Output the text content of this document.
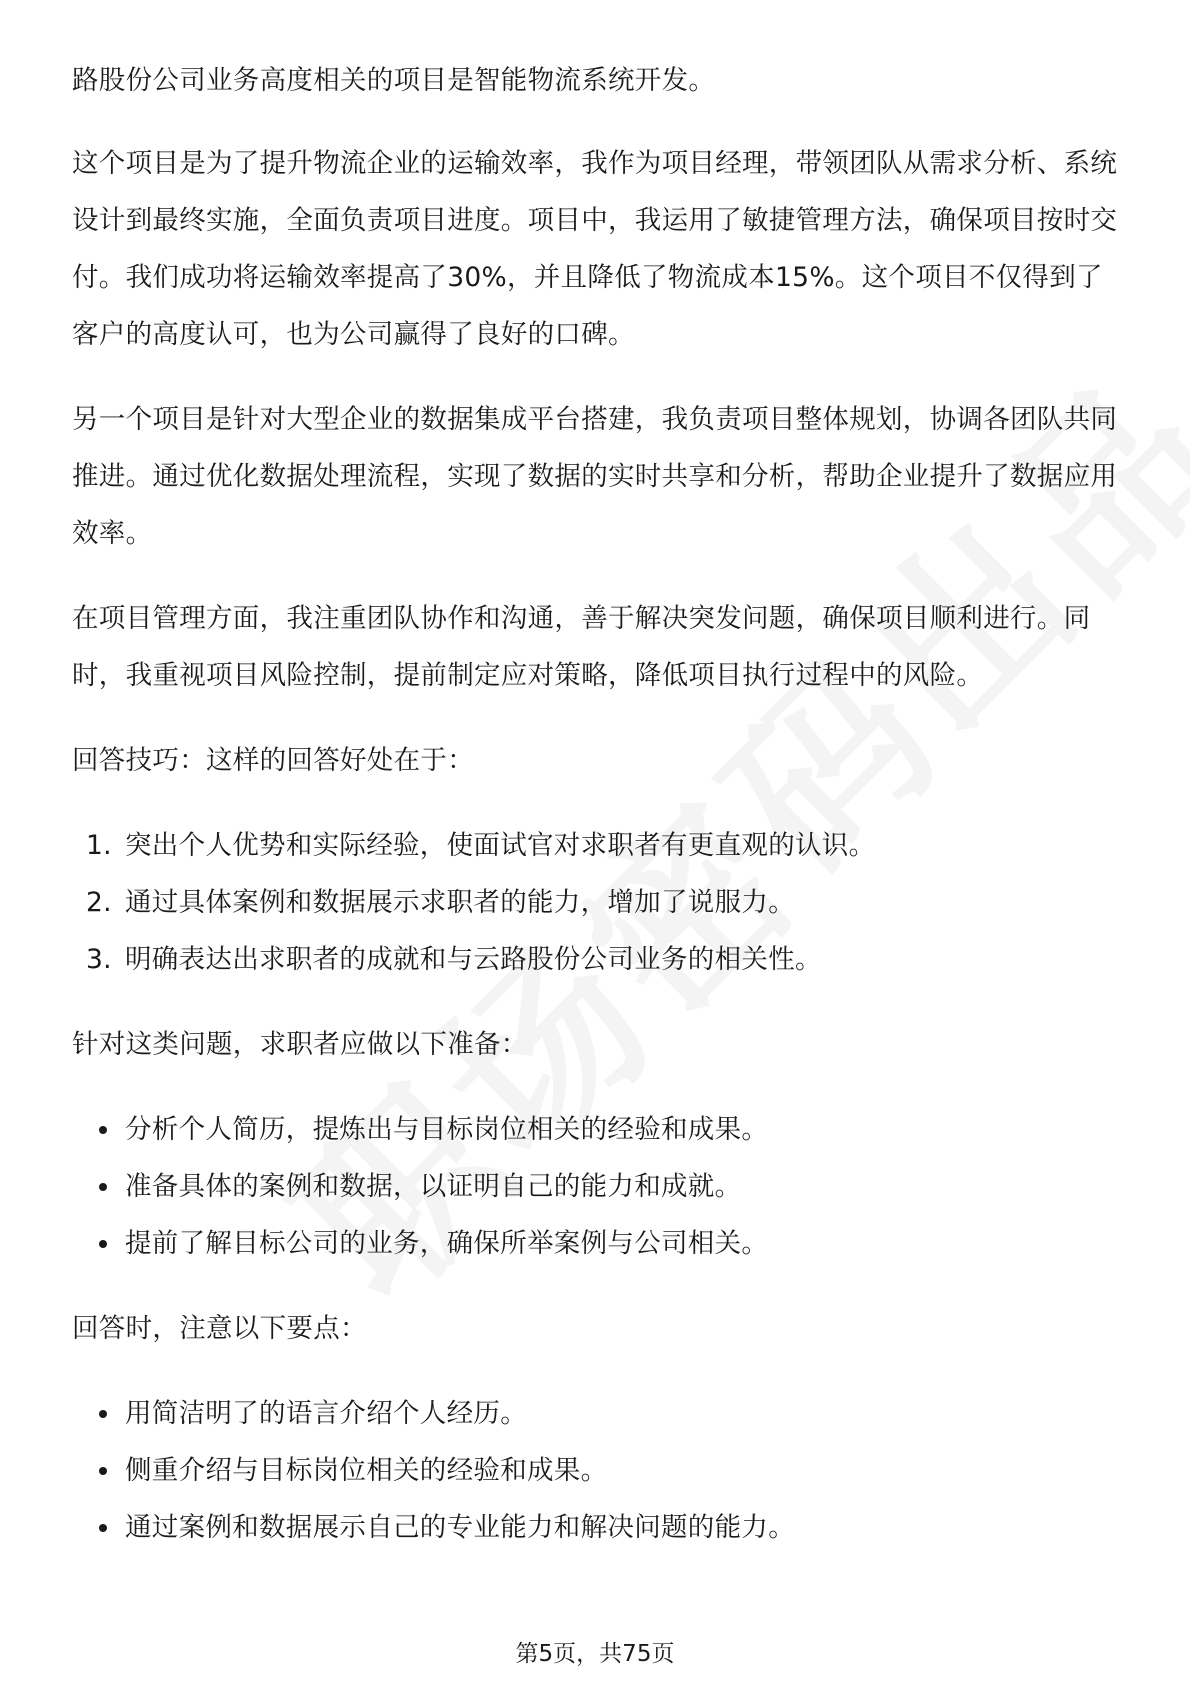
路股份公司业务高度相关的项目是智能物流系统开发。

这个项目是为了提升物流企业的运输效率，我作为项目经理，带领团队从需求分析、系统设计到最终实施，全面负责项目进度。项目中，我运用了敏捷管理方法，确保项目按时交付。我们成功将运输效率提高了30%，并且降低了物流成本15%。这个项目不仅得到了客户的高度认可，也为公司赢得了良好的口碑。

另一个项目是针对大型企业的数据集成平台搭建，我负责项目整体规划，协调各团队共同推进。通过优化数据处理流程，实现了数据的实时共享和分析，帮助企业提升了数据应用效率。

在项目管理方面，我注重团队协作和沟通，善于解决突发问题，确保项目顺利进行。同时，我重视项目风险控制，提前制定应对策略，降低项目执行过程中的风险。

回答技巧：这样的回答好处在于：

1. 突出个人优势和实际经验，使面试官对求职者有更直观的认识。
2. 通过具体案例和数据展示求职者的能力，增加了说服力。
3. 明确表达出求职者的成就和与云路股份公司业务的相关性。

针对这类问题，求职者应做以下准备：

分析个人简历，提炼出与目标岗位相关的经验和成果。
准备具体的案例和数据，以证明自己的能力和成就。
提前了解目标公司的业务，确保所举案例与公司相关。

回答时，注意以下要点：

用简洁明了的语言介绍个人经历。
侧重介绍与目标岗位相关的经验和成果。
通过案例和数据展示自己的专业能力和解决问题的能力。
第5页，共75页
